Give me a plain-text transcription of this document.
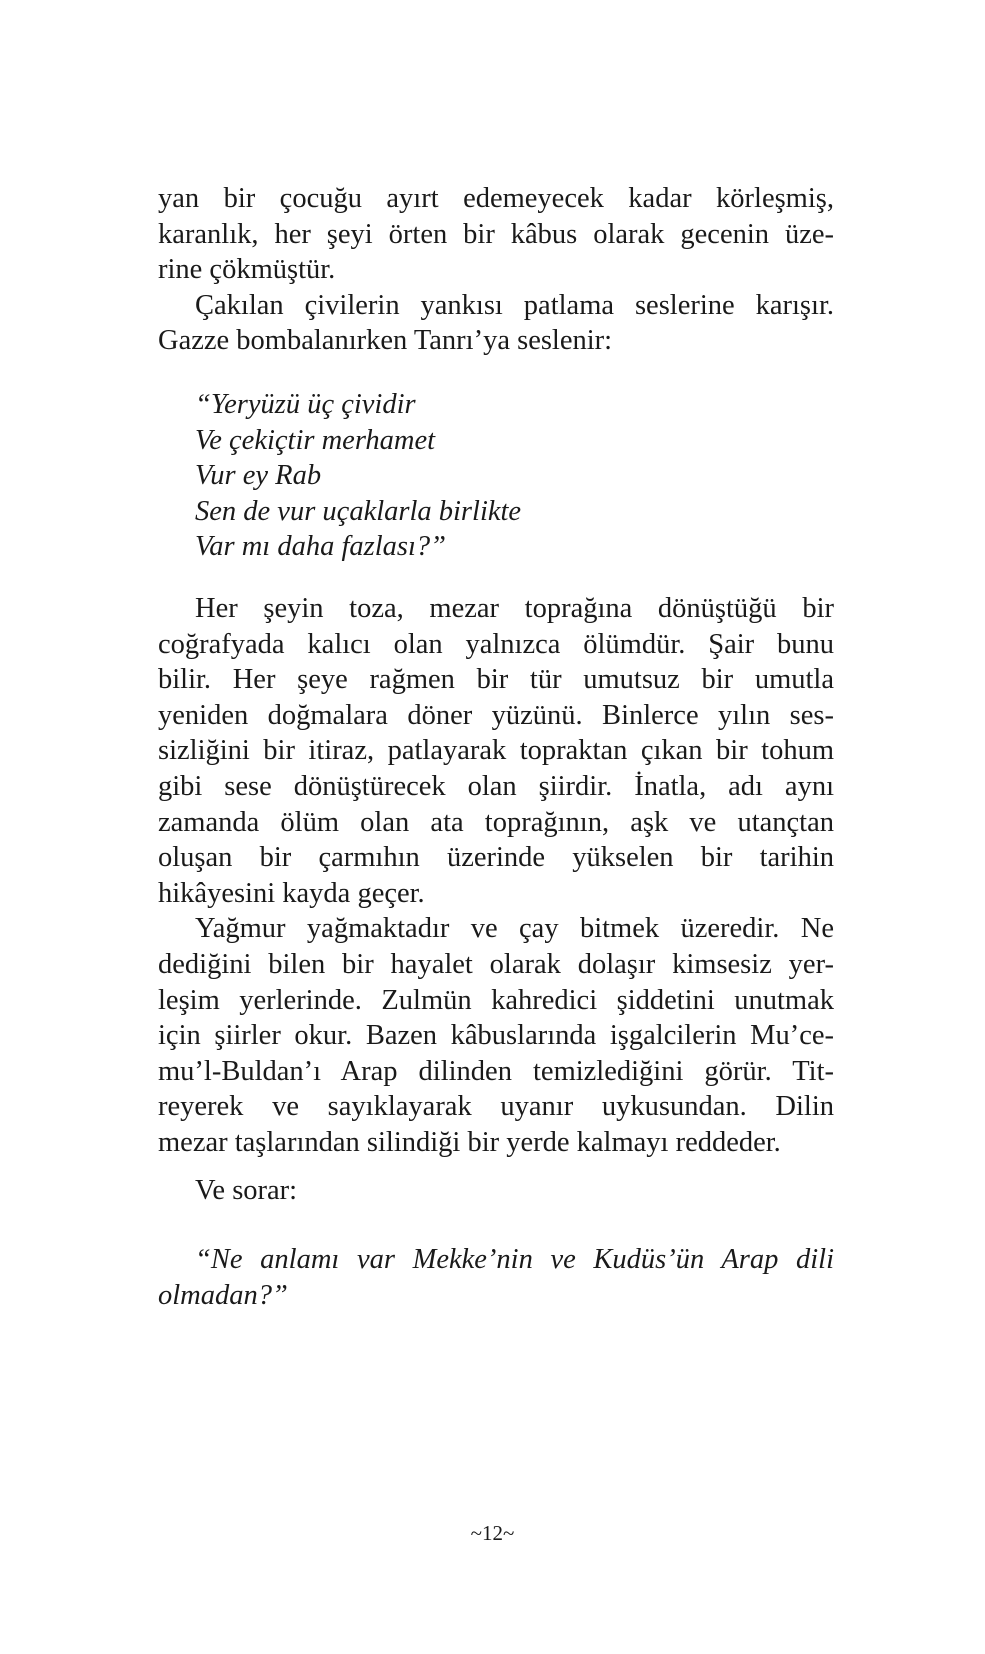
yan bir çocuğu ayırt edemeyecek kadar körleşmiş,
karanlık, her şeyi örten bir kâbus olarak gecenin üze-
rine çökmüştür.
Çakılan çivilerin yankısı patlama seslerine karışır.
Gazze bombalanırken Tanrı’ya seslenir:
“Yeryüzü üç çividir
Ve çekiçtir merhamet
Vur ey Rab
Sen de vur uçaklarla birlikte
Var mı daha fazlası?”
Her şeyin toza, mezar toprağına dönüştüğü bir
coğrafyada kalıcı olan yalnızca ölümdür. Şair bunu
bilir. Her şeye rağmen bir tür umutsuz bir umutla
yeniden doğmalara döner yüzünü. Binlerce yılın ses-
sizliğini bir itiraz, patlayarak topraktan çıkan bir tohum
gibi sese dönüştürecek olan şiirdir. İnatla, adı aynı
zamanda ölüm olan ata toprağının, aşk ve utançtan
oluşan bir çarmıhın üzerinde yükselen bir tarihin
hikâyesini kayda geçer.
Yağmur yağmaktadır ve çay bitmek üzeredir. Ne
dediğini bilen bir hayalet olarak dolaşır kimsesiz yer-
leşim yerlerinde. Zulmün kahredici şiddetini unutmak
için şiirler okur. Bazen kâbuslarında işgalcilerin Mu’ce-
mu’l-Buldan’ı Arap dilinden temizlediğini görür. Tit-
reyerek ve sayıklayarak uyanır uykusundan. Dilin
mezar taşlarından silindiği bir yerde kalmayı reddeder.
Ve sorar:
“Ne anlamı var Mekke’nin ve Kudüs’ün Arap dili
olmadan?”
~12~
